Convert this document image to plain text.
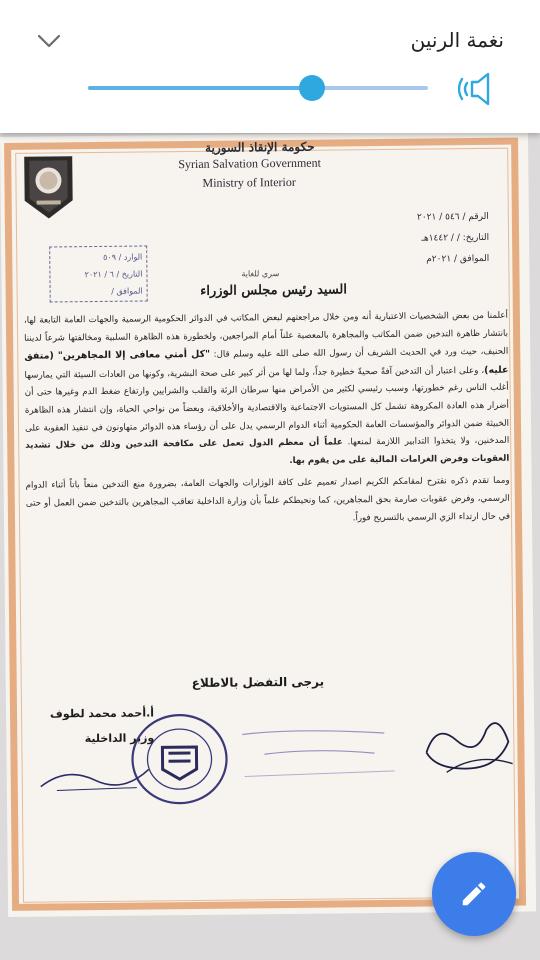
نغمة الرنين
حكومة الإنقاذ السورية
Syrian Salvation Government
Ministry of Interior
الرقم / ٥٤٦ / ٢٠٢١
التاريخ: / / ١٤٤٢هـ
الموافق / ٢٠٢١م
الوارد / ٥٠٩
التاريخ / ٦ / ٢٠٢١
الموافق /
سري للغاية
السيد رئيس مجلس الوزراء

أعلمنا من بعض الشخصيات الاعتبارية أنه ومن خلال مراجعتهم لبعض المكاتب في الدوائر الحكومية الرسمية والجهات العامة التابعة لها، بانتشار ظاهرة التدخين ضمن المكاتب والمجاهرة بالمعصية علناً أمام المراجعين، ولخطورة هذه الظاهرة السلبية ومخالفتها شرعاً لديننا الحنيف، حيث ورد في الحديث الشريف أن رسول الله صلى الله عليه وسلم قال: "كل أمتي معافى إلا المجاهرين" (متفق عليه)، وعلى اعتبار أن التدخين آفةً صحيةً خطيرة جداً، ولما لها من أثر كبير على صحة البشرية، وكونها من العادات السيئة التي يمارسها أغلب الناس رغم خطورتها، وسبب رئيسي لكثير من الأمراض منها سرطان الرئة والقلب والشرايين وارتفاع ضغط الدم وغيرها حتى أن أضرار هذه العادة المكروهة تشمل كل المستويات الاجتماعية والاقتصادية والأخلاقية، وبعضاً من نواحي الحياة، وإن انتشار هذه الظاهرة الخبيثة ضمن الدوائر والمؤسسات العامة الحكومية أثناء الدوام الرسمي يدل على أن رؤساء هذه الدوائر متهاونون في تنفيذ العقوبة على المدخنين، ولا يتخذوا التدابير اللازمة لمنعها. علماً أن معظم الدول تعمل على مكافحة التدخين وذلك من خلال تشديد العقوبات وفرض الغرامات المالية على من يقوم بها.

ومما تقدم ذكره نقترح لمقامكم الكريم اصدار تعميم على كافة الوزارات والجهات العامة، بضرورة منع التدخين منعاً باتاً أثناء الدوام الرسمي، وفرض عقوبات صارمة بحق المجاهرين، كما ونحيطكم علماً بأن وزارة الداخلية تعاقب المجاهرين بالتدخين ضمن العمل أو حتى في حال ارتداء الزي الرسمي بالتسريح فوراً.

يرجى التفضل بالاطلاع
أ.أحمد محمد لطوف
وزير الداخلية
